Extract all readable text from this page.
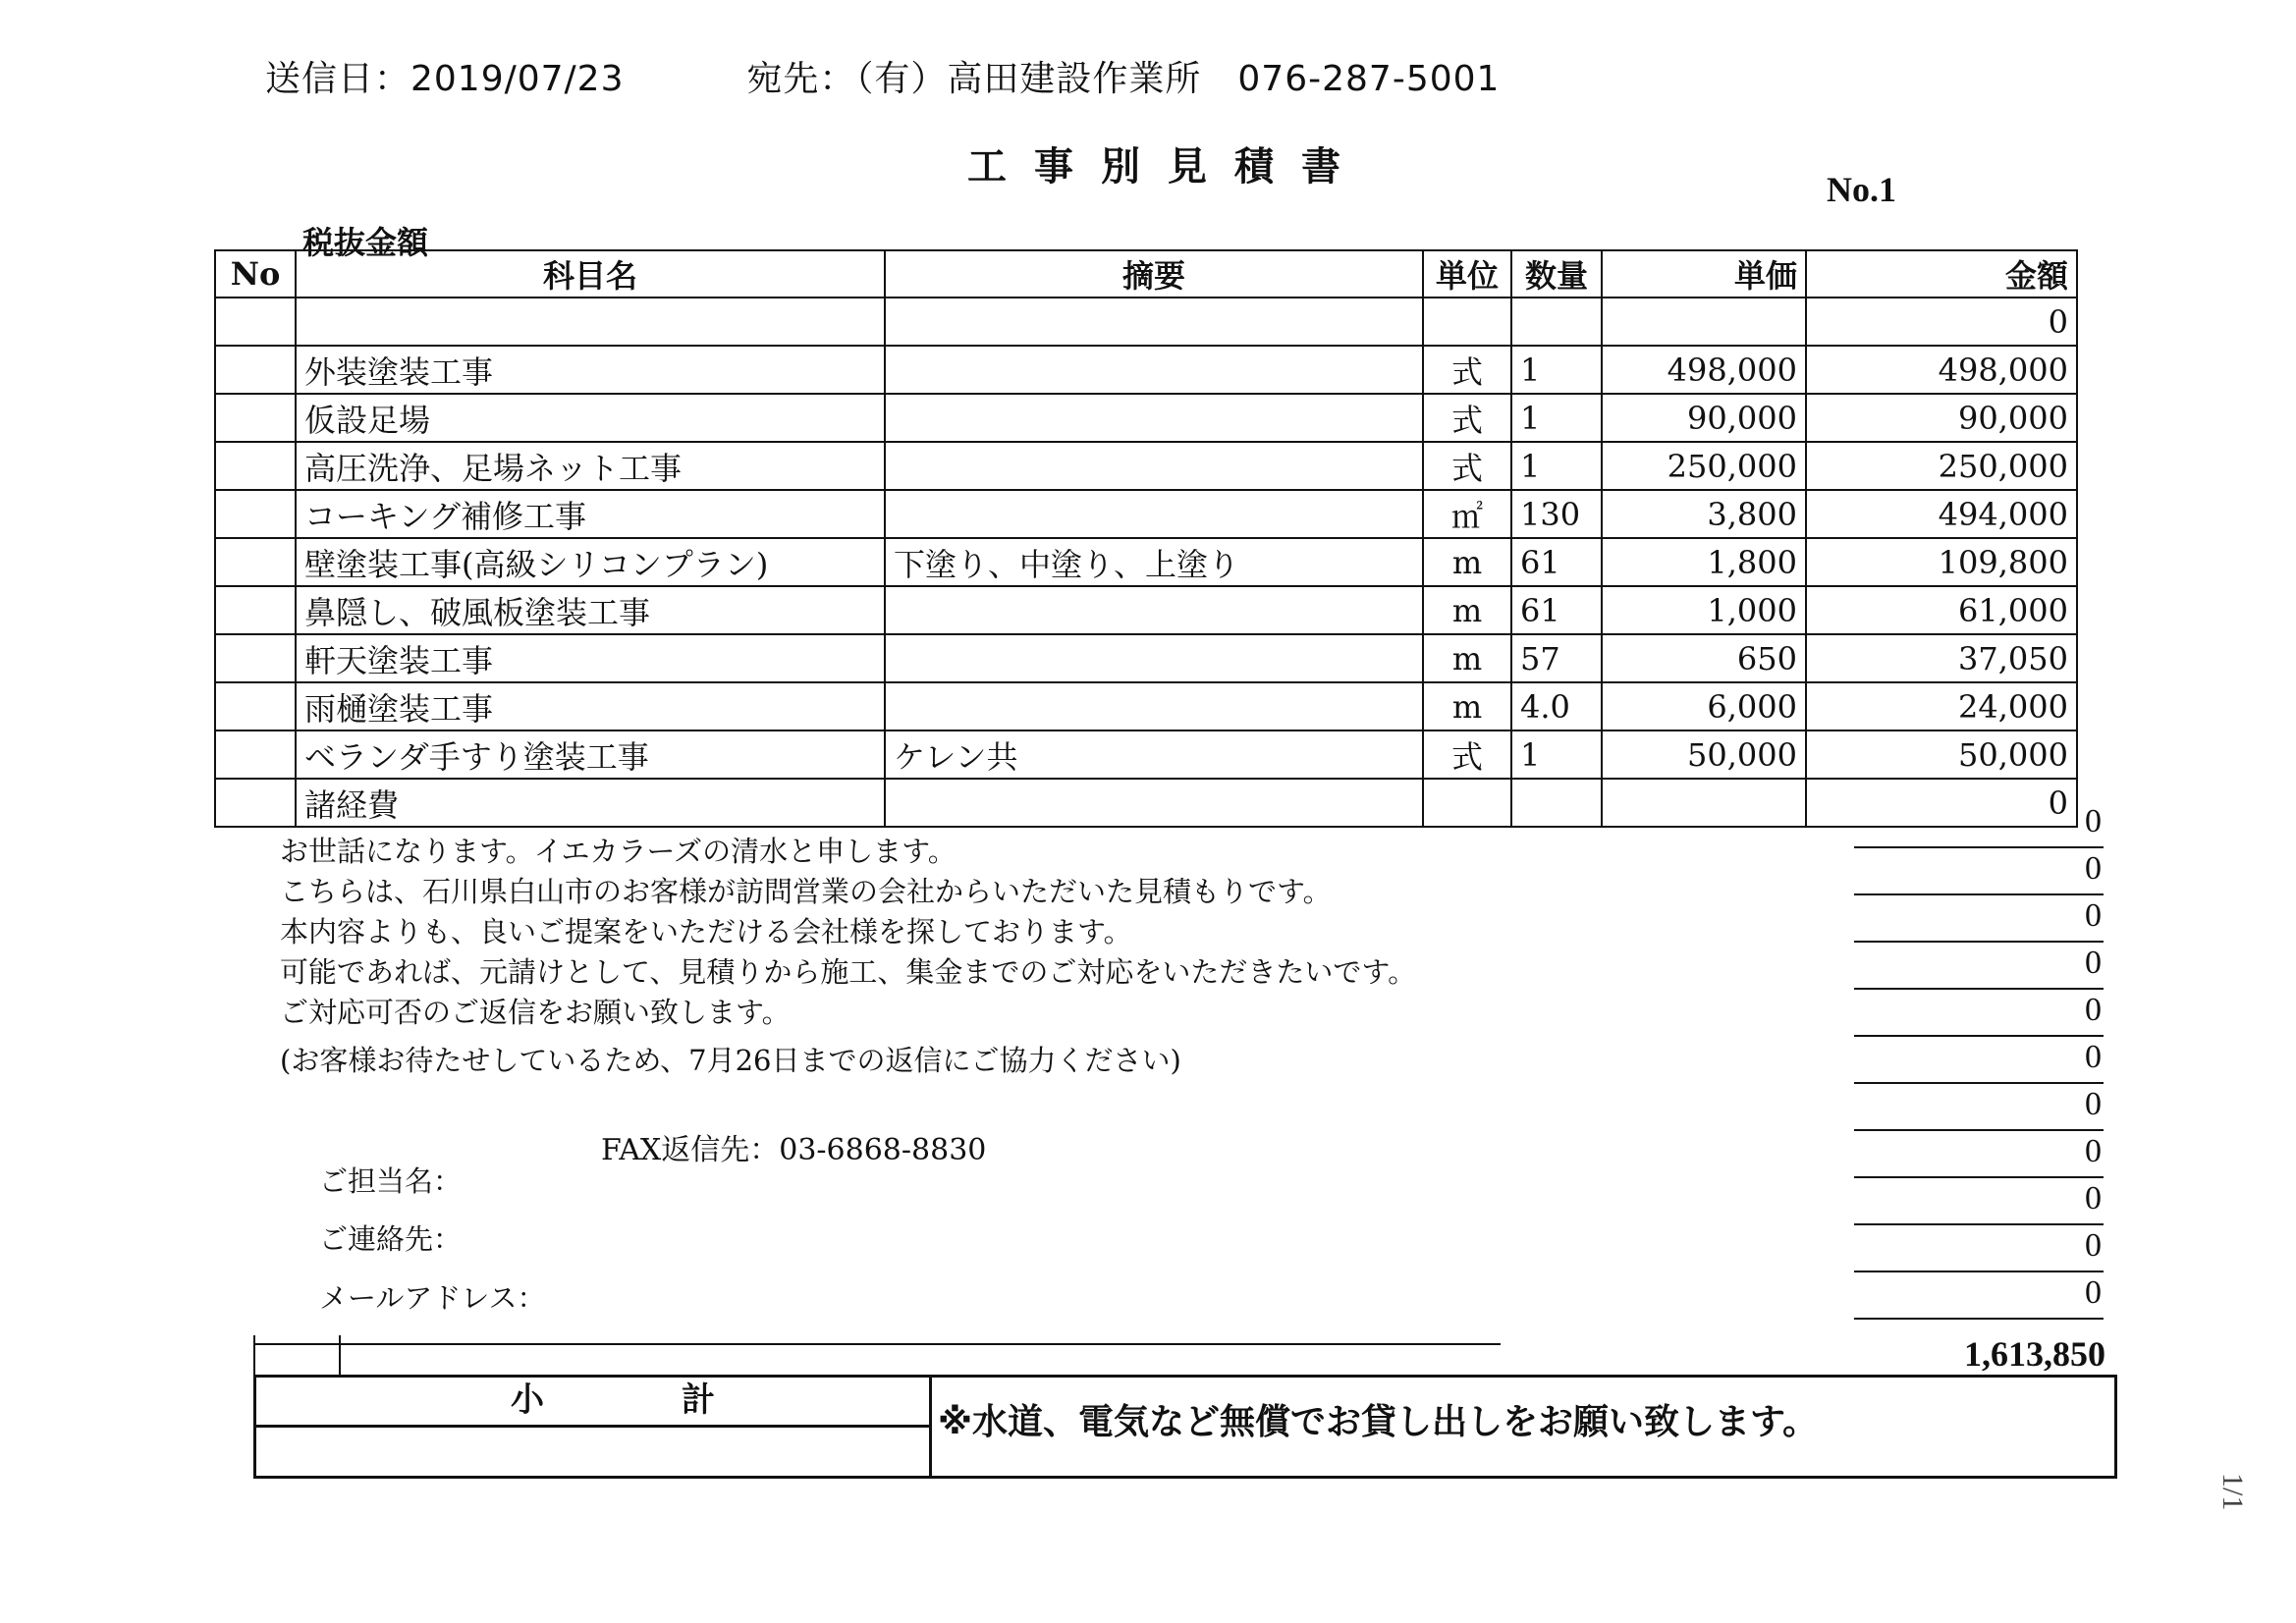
送信日：2019/07/23	宛先：（有）高田建設作業所　076-287-5001
工事別見積書	No.1
税抜金額
No	科目名	摘要	単位	数量	単価	金額
						0
	外装塗装工事		式	1	498,000	498,000
	仮設足場		式	1	90,000	90,000
	高圧洗浄、足場ネット工事		式	1	250,000	250,000
	コーキング補修工事		㎡	130	3,800	494,000
	壁塗装工事(高級シリコンプラン)	下塗り、中塗り、上塗り	m	61	1,800	109,800
	鼻隠し、破風板塗装工事		m	61	1,000	61,000
	軒天塗装工事		m	57	650	37,050
	雨樋塗装工事		m	4.0	6,000	24,000
	ベランダ手すり塗装工事	ケレン共	式	1	50,000	50,000
	諸経費					0
お世話になります。イエカラーズの清水と申します。
こちらは、石川県白山市のお客様が訪問営業の会社からいただいた見積もりです。
本内容よりも、良いご提案をいただける会社様を探しております。
可能であれば、元請けとして、見積りから施工、集金までのご対応をいただきたいです。
ご対応可否のご返信をお願い致します。
(お客様お待たせしているため、7月26日までの返信にご協力ください)
FAX返信先：03-6868-8830
ご担当名：
ご連絡先：
メールアドレス：
0
0
0
0
0
0
0
0
0
0
0
1,613,850
小計
※水道、電気など無償でお貸し出しをお願い致します。
1/1
